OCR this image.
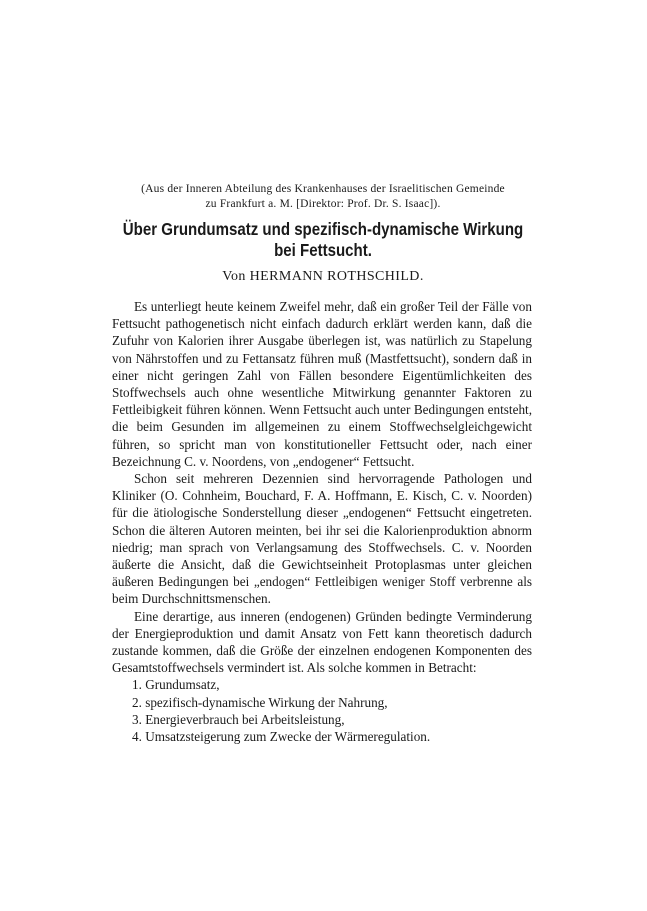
(Aus der Inneren Abteilung des Krankenhauses der Israelitischen Gemeinde
zu Frankfurt a. M. [Direktor: Prof. Dr. S. Isaac]).
Über Grundumsatz und spezifisch-dynamische Wirkung
bei Fettsucht.
Von HERMANN ROTHSCHILD.

Es unterliegt heute keinem Zweifel mehr, daß ein großer Teil der Fälle von Fettsucht pathogenetisch nicht einfach dadurch erklärt werden kann, daß die Zufuhr von Kalorien ihrer Ausgabe überlegen ist, was natürlich zu Stapelung von Nährstoffen und zu Fettansatz führen muß (Mastfettsucht), sondern daß in einer nicht geringen Zahl von Fällen besondere Eigentümlichkeiten des Stoffwechsels auch ohne wesentliche Mitwirkung genannter Faktoren zu Fettleibigkeit führen können. Wenn Fettsucht auch unter Bedingungen entsteht, die beim Gesunden im allgemeinen zu einem Stoffwechselgleichgewicht führen, so spricht man von konstitutioneller Fettsucht oder, nach einer Bezeichnung C. v. Noordens, von „endogener“ Fettsucht.

Schon seit mehreren Dezennien sind hervorragende Pathologen und Kliniker (O. Cohnheim, Bouchard, F. A. Hoffmann, E. Kisch, C. v. Noorden) für die ätiologische Sonderstellung dieser „endogenen“ Fettsucht eingetreten. Schon die älteren Autoren meinten, bei ihr sei die Kalorienproduktion abnorm niedrig; man sprach von Verlangsamung des Stoffwechsels. C. v. Noorden äußerte die Ansicht, daß die Gewichtseinheit Protoplasmas unter gleichen äußeren Bedingungen bei „endogen“ Fettleibigen weniger Stoff verbrenne als beim Durchschnittsmenschen.

Eine derartige, aus inneren (endogenen) Gründen bedingte Verminderung der Energieproduktion und damit Ansatz von Fett kann theoretisch dadurch zustande kommen, daß die Größe der einzelnen endogenen Komponenten des Gesamtstoffwechsels vermindert ist. Als solche kommen in Betracht:

1. Grundumsatz,
2. spezifisch-dynamische Wirkung der Nahrung,
3. Energieverbrauch bei Arbeitsleistung,
4. Umsatzsteigerung zum Zwecke der Wärmeregulation.
